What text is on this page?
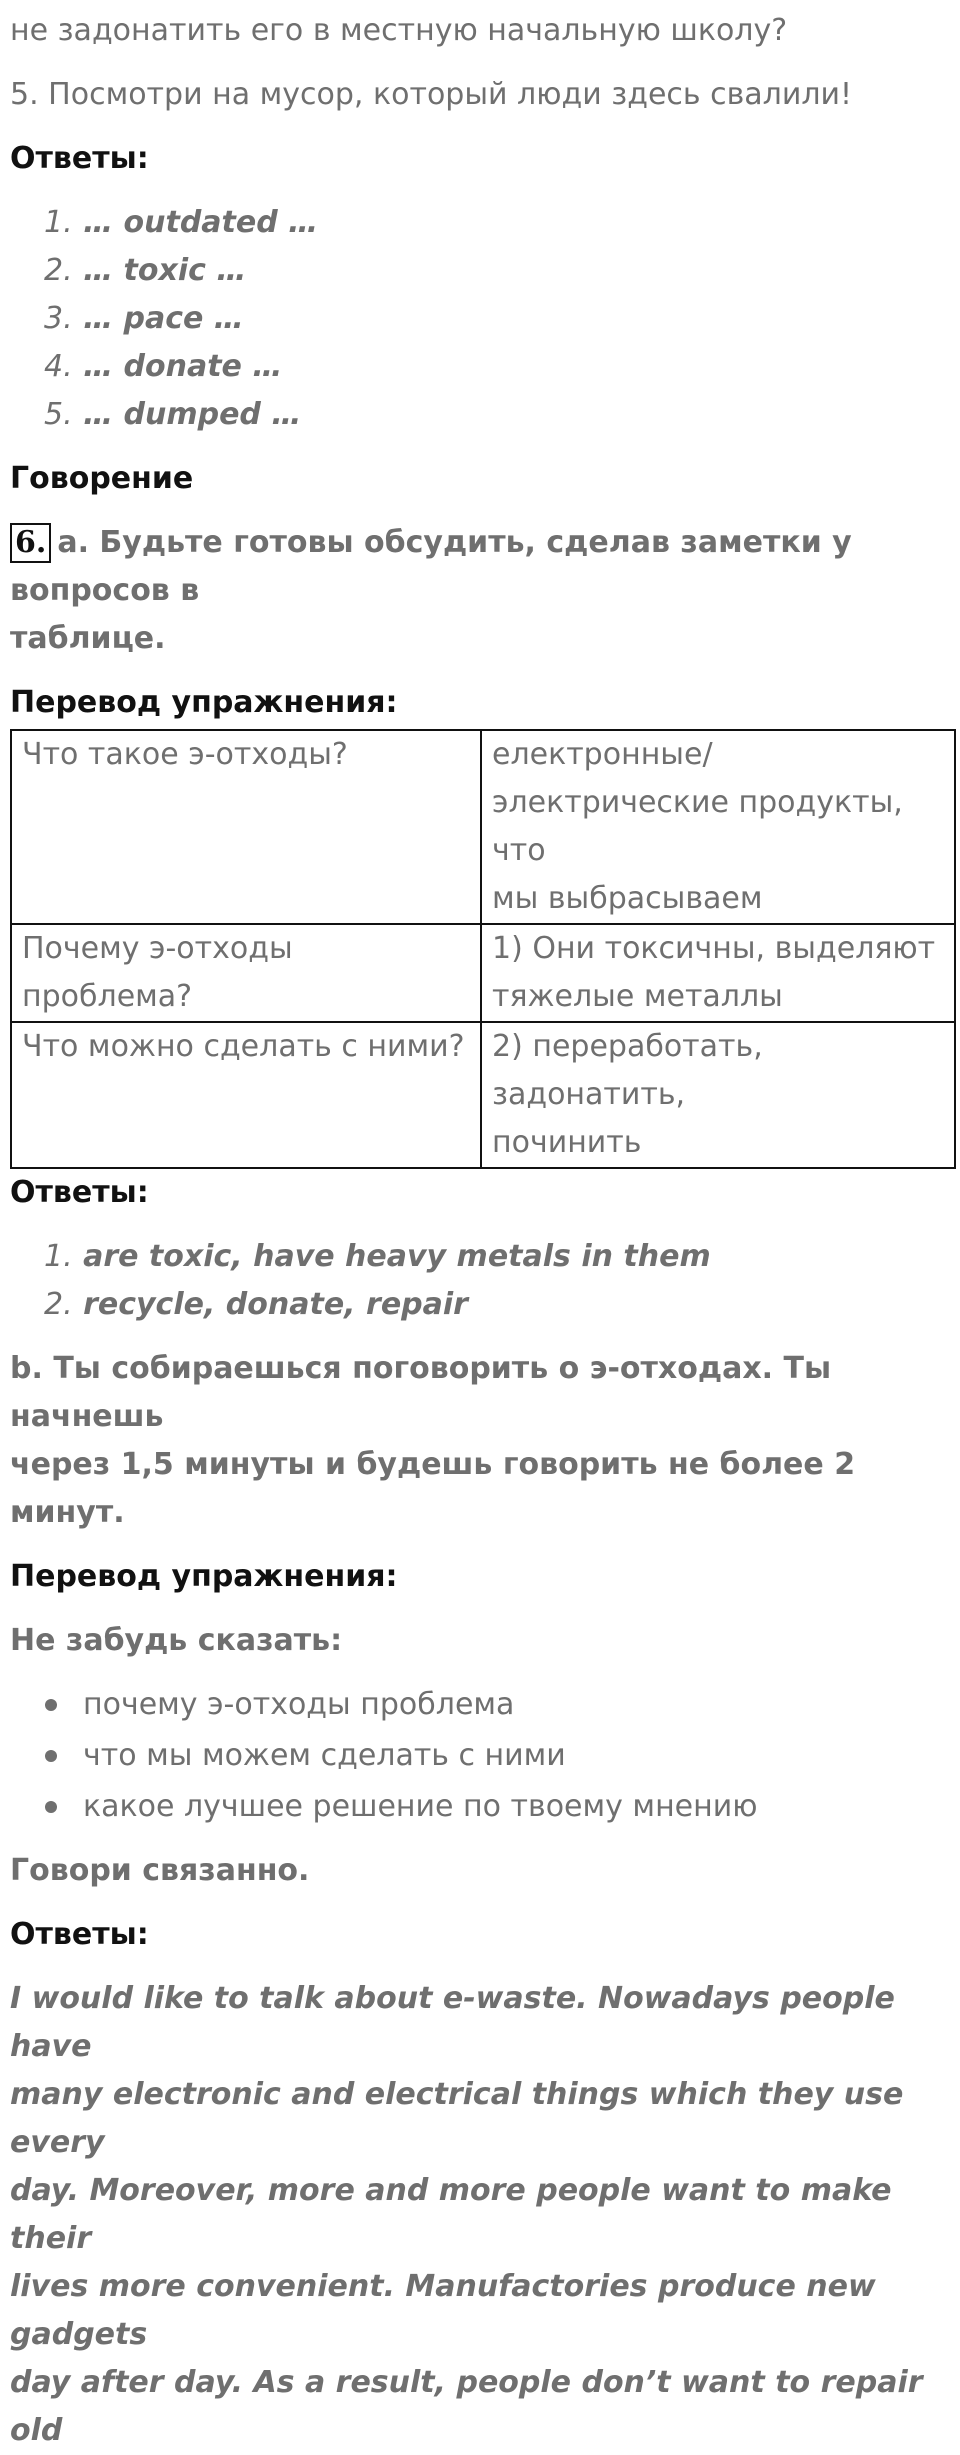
не задонатить его в местную начальную школу?

5. Посмотри на мусор, который люди здесь свалили!

Ответы:

1. … outdated …
2. … toxic …
3. … pace …
4. … donate …
5. … dumped …

Говорение

6. a. Будьте готовы обсудить, сделав заметки у вопросов в
таблице.

Перевод упражнения:

Что такое э-отходы?	електронные/
электрические продукты, что
мы выбрасываем

Почему э-отходы проблема?	1) Они токсичны, выделяют
тяжелые металлы

Что можно сделать с ними?	2) переработать, задонатить,
починить

Ответы:

1. are toxic, have heavy metals in them
2. recycle, donate, repair

b. Ты собираешься поговорить о э-отходах. Ты начнешь
через 1,5 минуты и будешь говорить не более 2 минут.

Перевод упражнения:

Не забудь сказать:

почему э-отходы проблема
что мы можем сделать с ними
какое лучшее решение по твоему мнению

Говори связанно.

Ответы:

I would like to talk about e-waste. Nowadays people have
many electronic and electrical things which they use every
day. Moreover, more and more people want to make their
lives more convenient. Manufactories produce new gadgets
day after day. As a result, people don’t want to repair old
